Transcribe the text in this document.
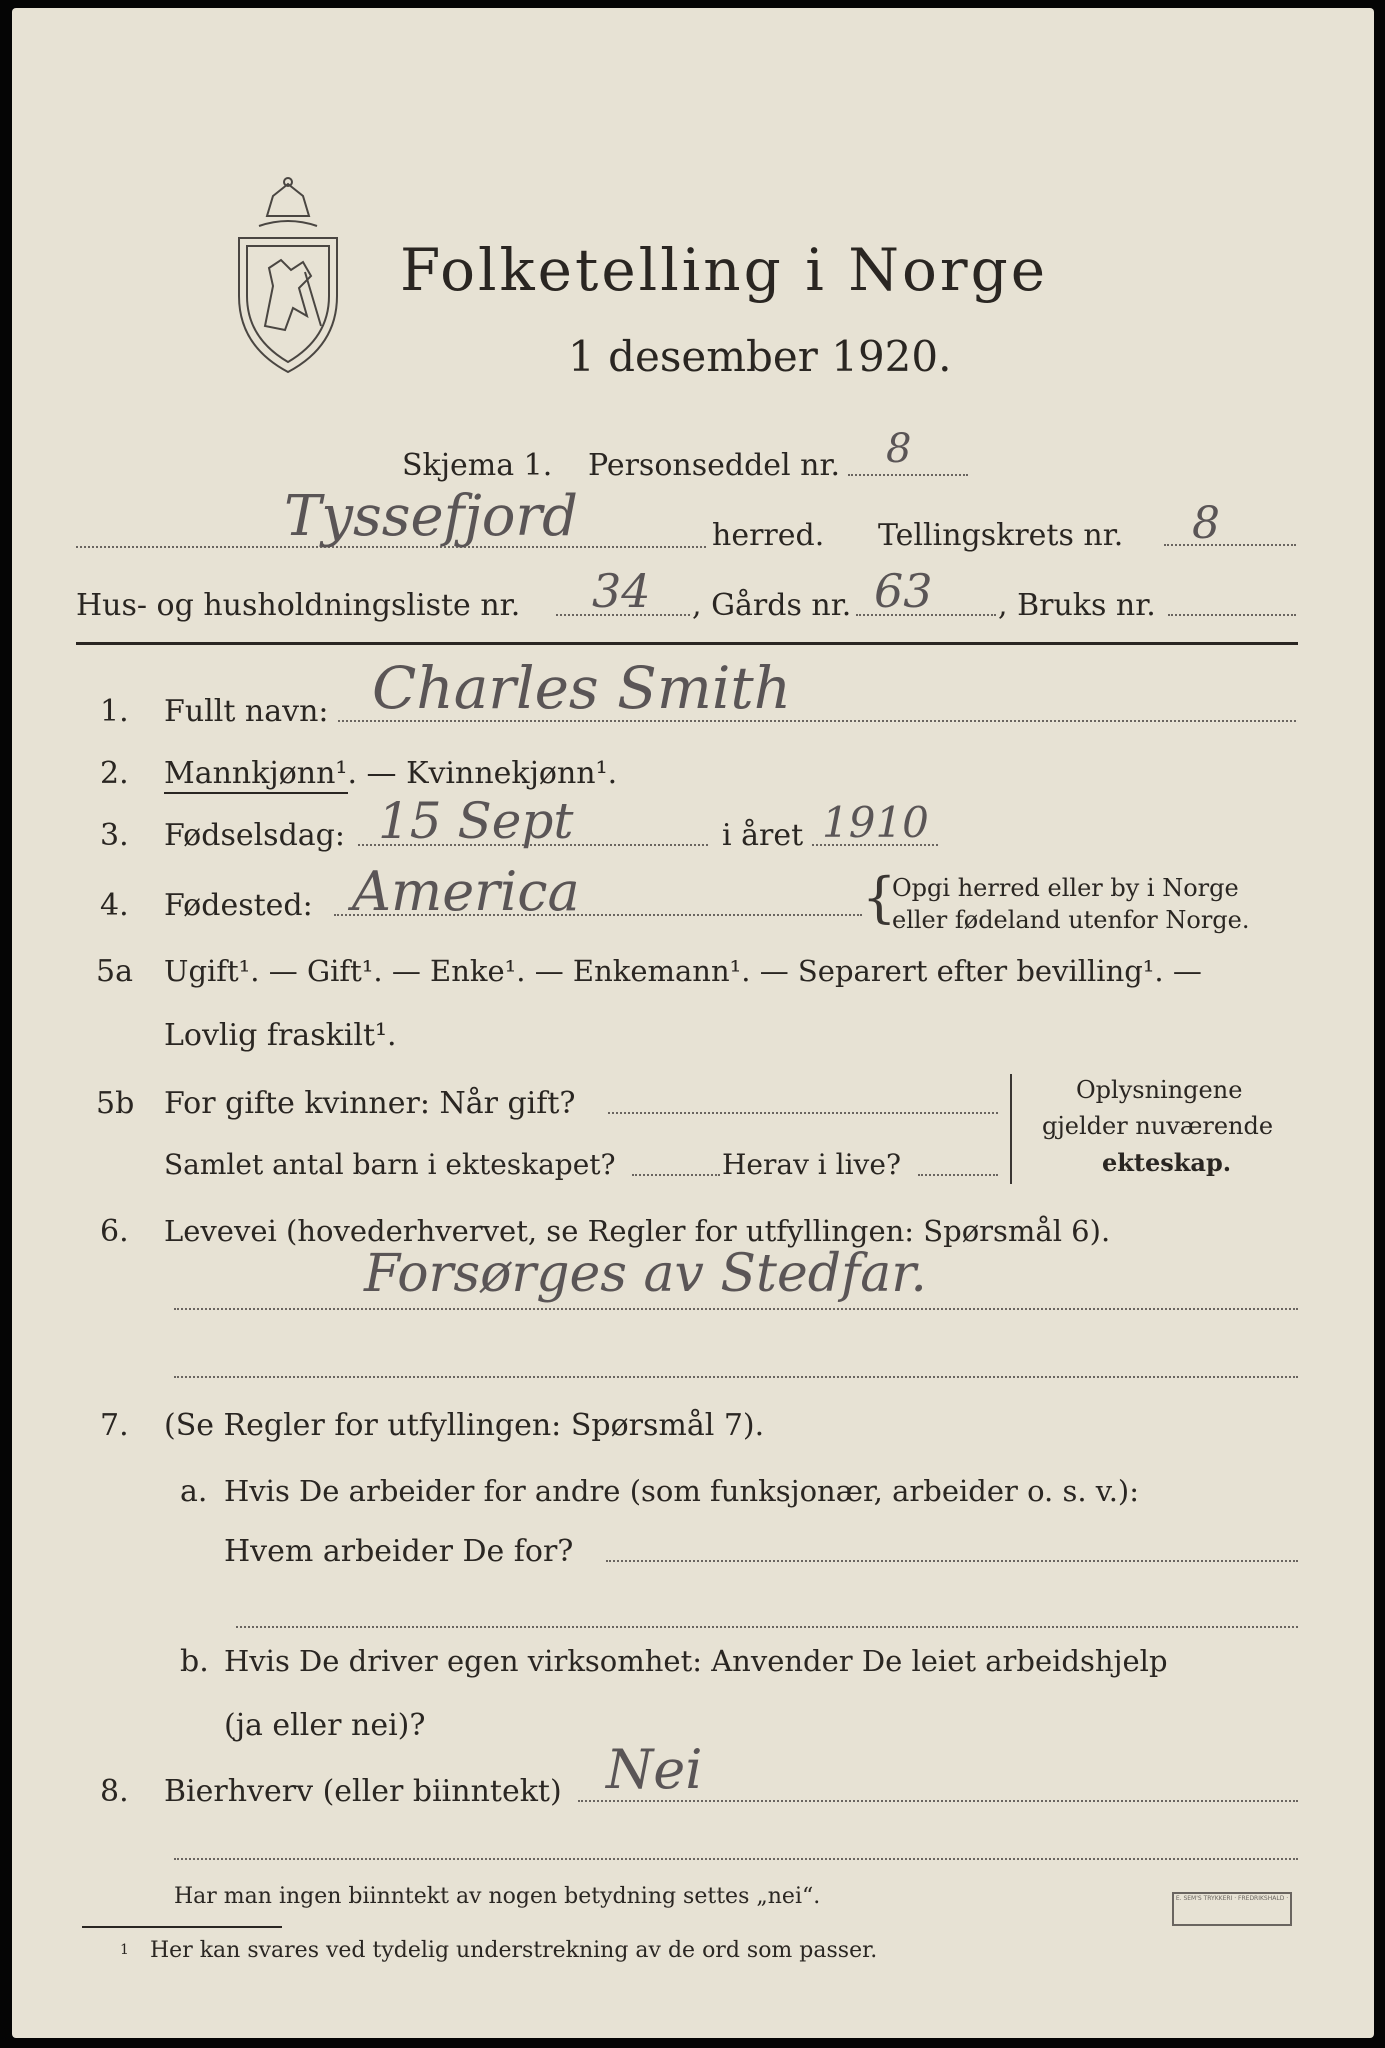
Folketelling i Norge
1 desember 1920.
Skjema 1. Personseddel nr. 8
Tyssefjord	herred. Tellingskrets nr. 8
Hus- og husholdningsliste nr. 34 , Gårds nr. 63 , Bruks nr.
1. Fullt navn: Charles Smith
2. Mannkjønn¹. — Kvinnekjønn¹.
3. Fødselsdag: 15 Sept	i året 1910
4. Fødested: America	{
Opgi herred eller by i Norge
eller fødeland utenfor Norge.
5a Ugift¹. — Gift¹. — Enke¹. — Enkemann¹. — Separert efter bevilling¹. —
Lovlig fraskilt¹.
5b For gifte kvinner: Når gift?
Samlet antal barn i ekteskapet?	Herav i live?
Oplysningene
gjelder nuværende
ekteskap.
6. Levevei (hovederhvervet, se Regler for utfyllingen: Spørsmål 6).
Forsørges av Stedfar.
7. (Se Regler for utfyllingen: Spørsmål 7).
a. Hvis De arbeider for andre (som funksjonær, arbeider o. s. v.):
Hvem arbeider De for?
b. Hvis De driver egen virksomhet: Anvender De leiet arbeidshjelp
(ja eller nei)?
8. Bierhverv (eller biinntekt) Nei
Har man ingen biinntekt av nogen betydning settes „nei“.
1 Her kan svares ved tydelig understrekning av de ord som passer.
E. SEM'S TRYKKERI · FREDRIKSHALD ·
